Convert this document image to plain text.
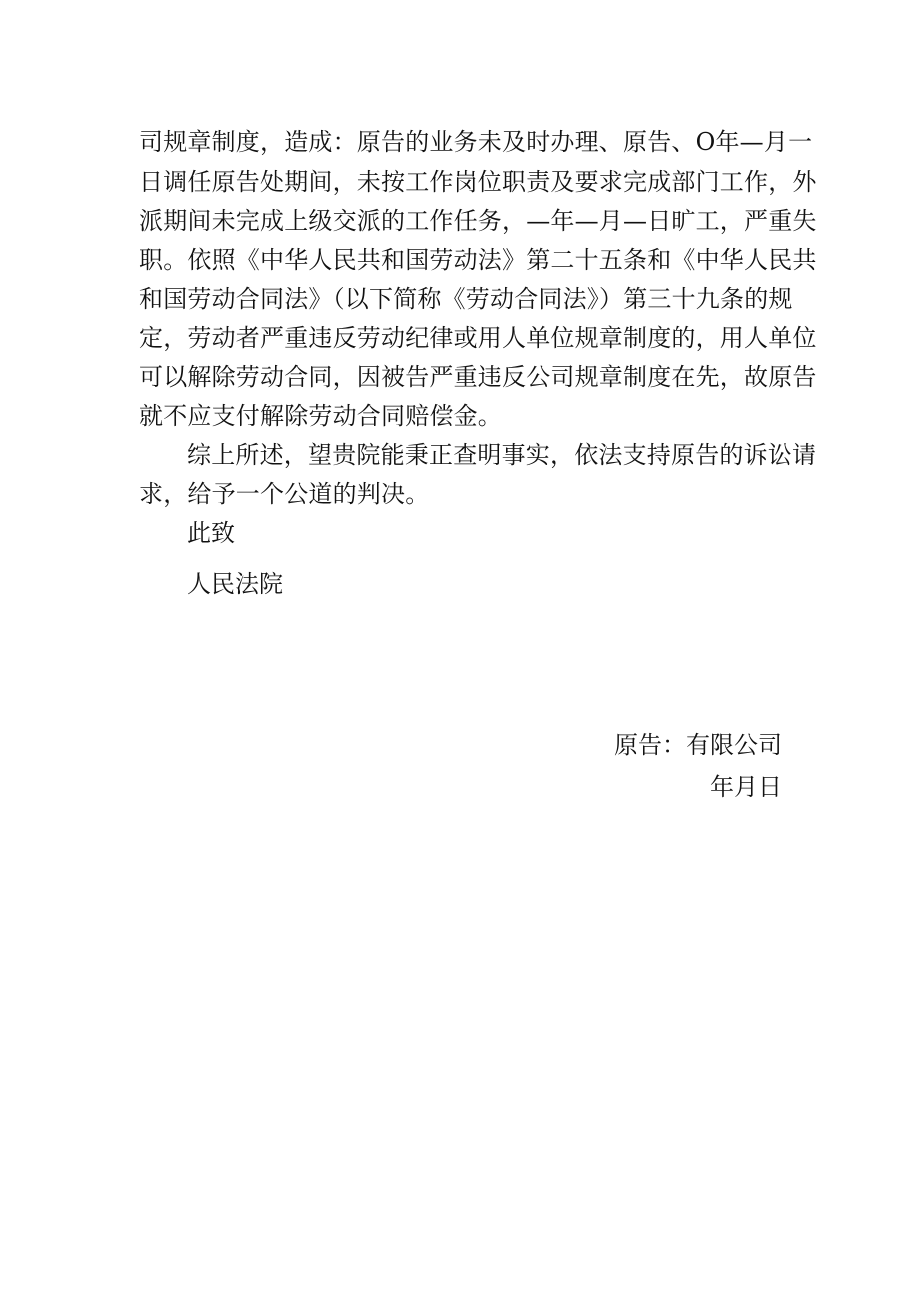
司规章制度，造成：原告的业务未及时办理、原告、O年—月一
日调任原告处期间，未按工作岗位职责及要求完成部门工作，外
派期间未完成上级交派的工作任务，—年—月—日旷工，严重失
职。依照《中华人民共和国劳动法》第二十五条和《中华人民共
和国劳动合同法》（以下简称《劳动合同法》）第三十九条的规
定，劳动者严重违反劳动纪律或用人单位规章制度的，用人单位
可以解除劳动合同，因被告严重违反公司规章制度在先，故原告
就不应支付解除劳动合同赔偿金。
综上所述，望贵院能秉正查明事实，依法支持原告的诉讼请
求，给予一个公道的判决。
此致
人民法院
原告：有限公司
年月日
